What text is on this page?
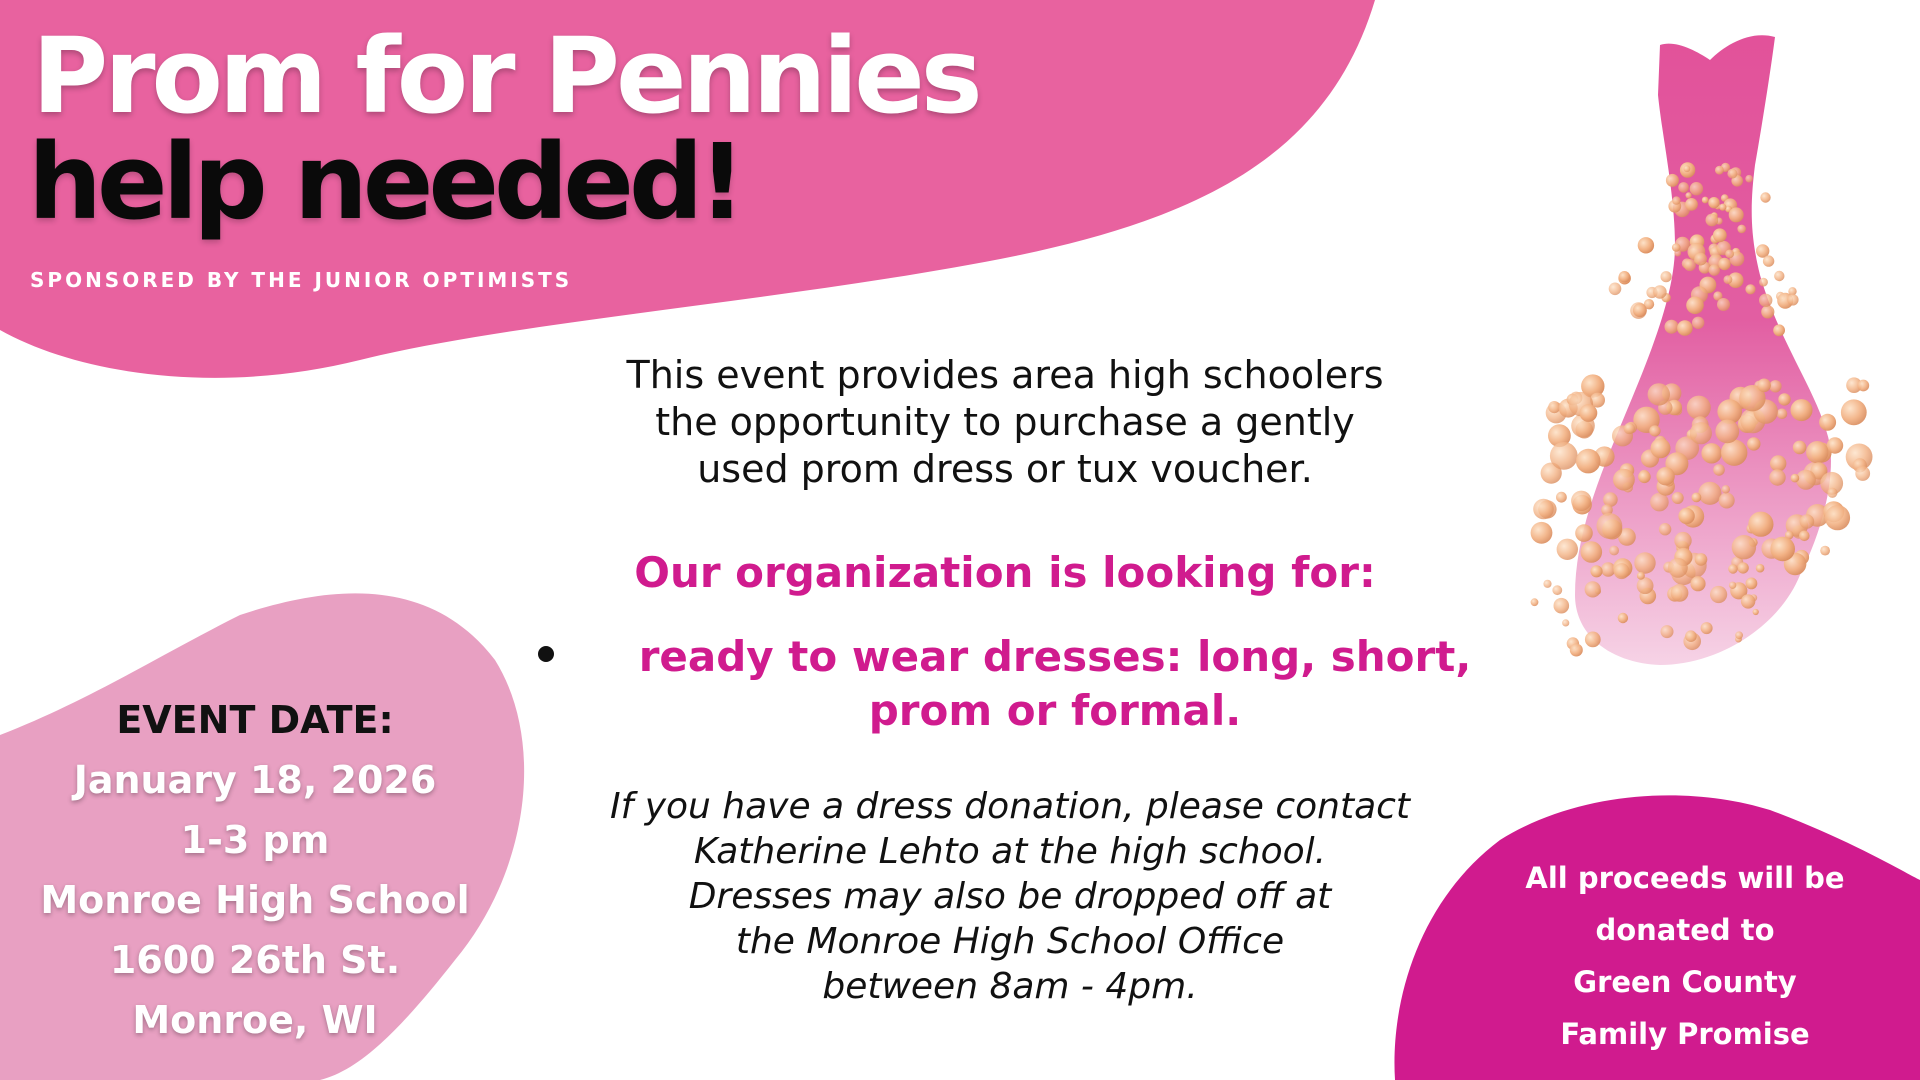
Prom for Pennies
help needed!
SPONSORED BY THE JUNIOR OPTIMISTS
This event provides area high schoolers
the opportunity to purchase a gently
used prom dress or tux voucher.
Our organization is looking for:
ready to wear dresses: long, short,
prom or formal.
If you have a dress donation, please contact
Katherine Lehto at the high school.
Dresses may also be dropped off at
the Monroe High School Office
between 8am - 4pm.
EVENT DATE:
January 18, 2026
1-3 pm
Monroe High School
1600 26th St.
Monroe, WI
All proceeds will be
donated to
Green County
Family Promise
